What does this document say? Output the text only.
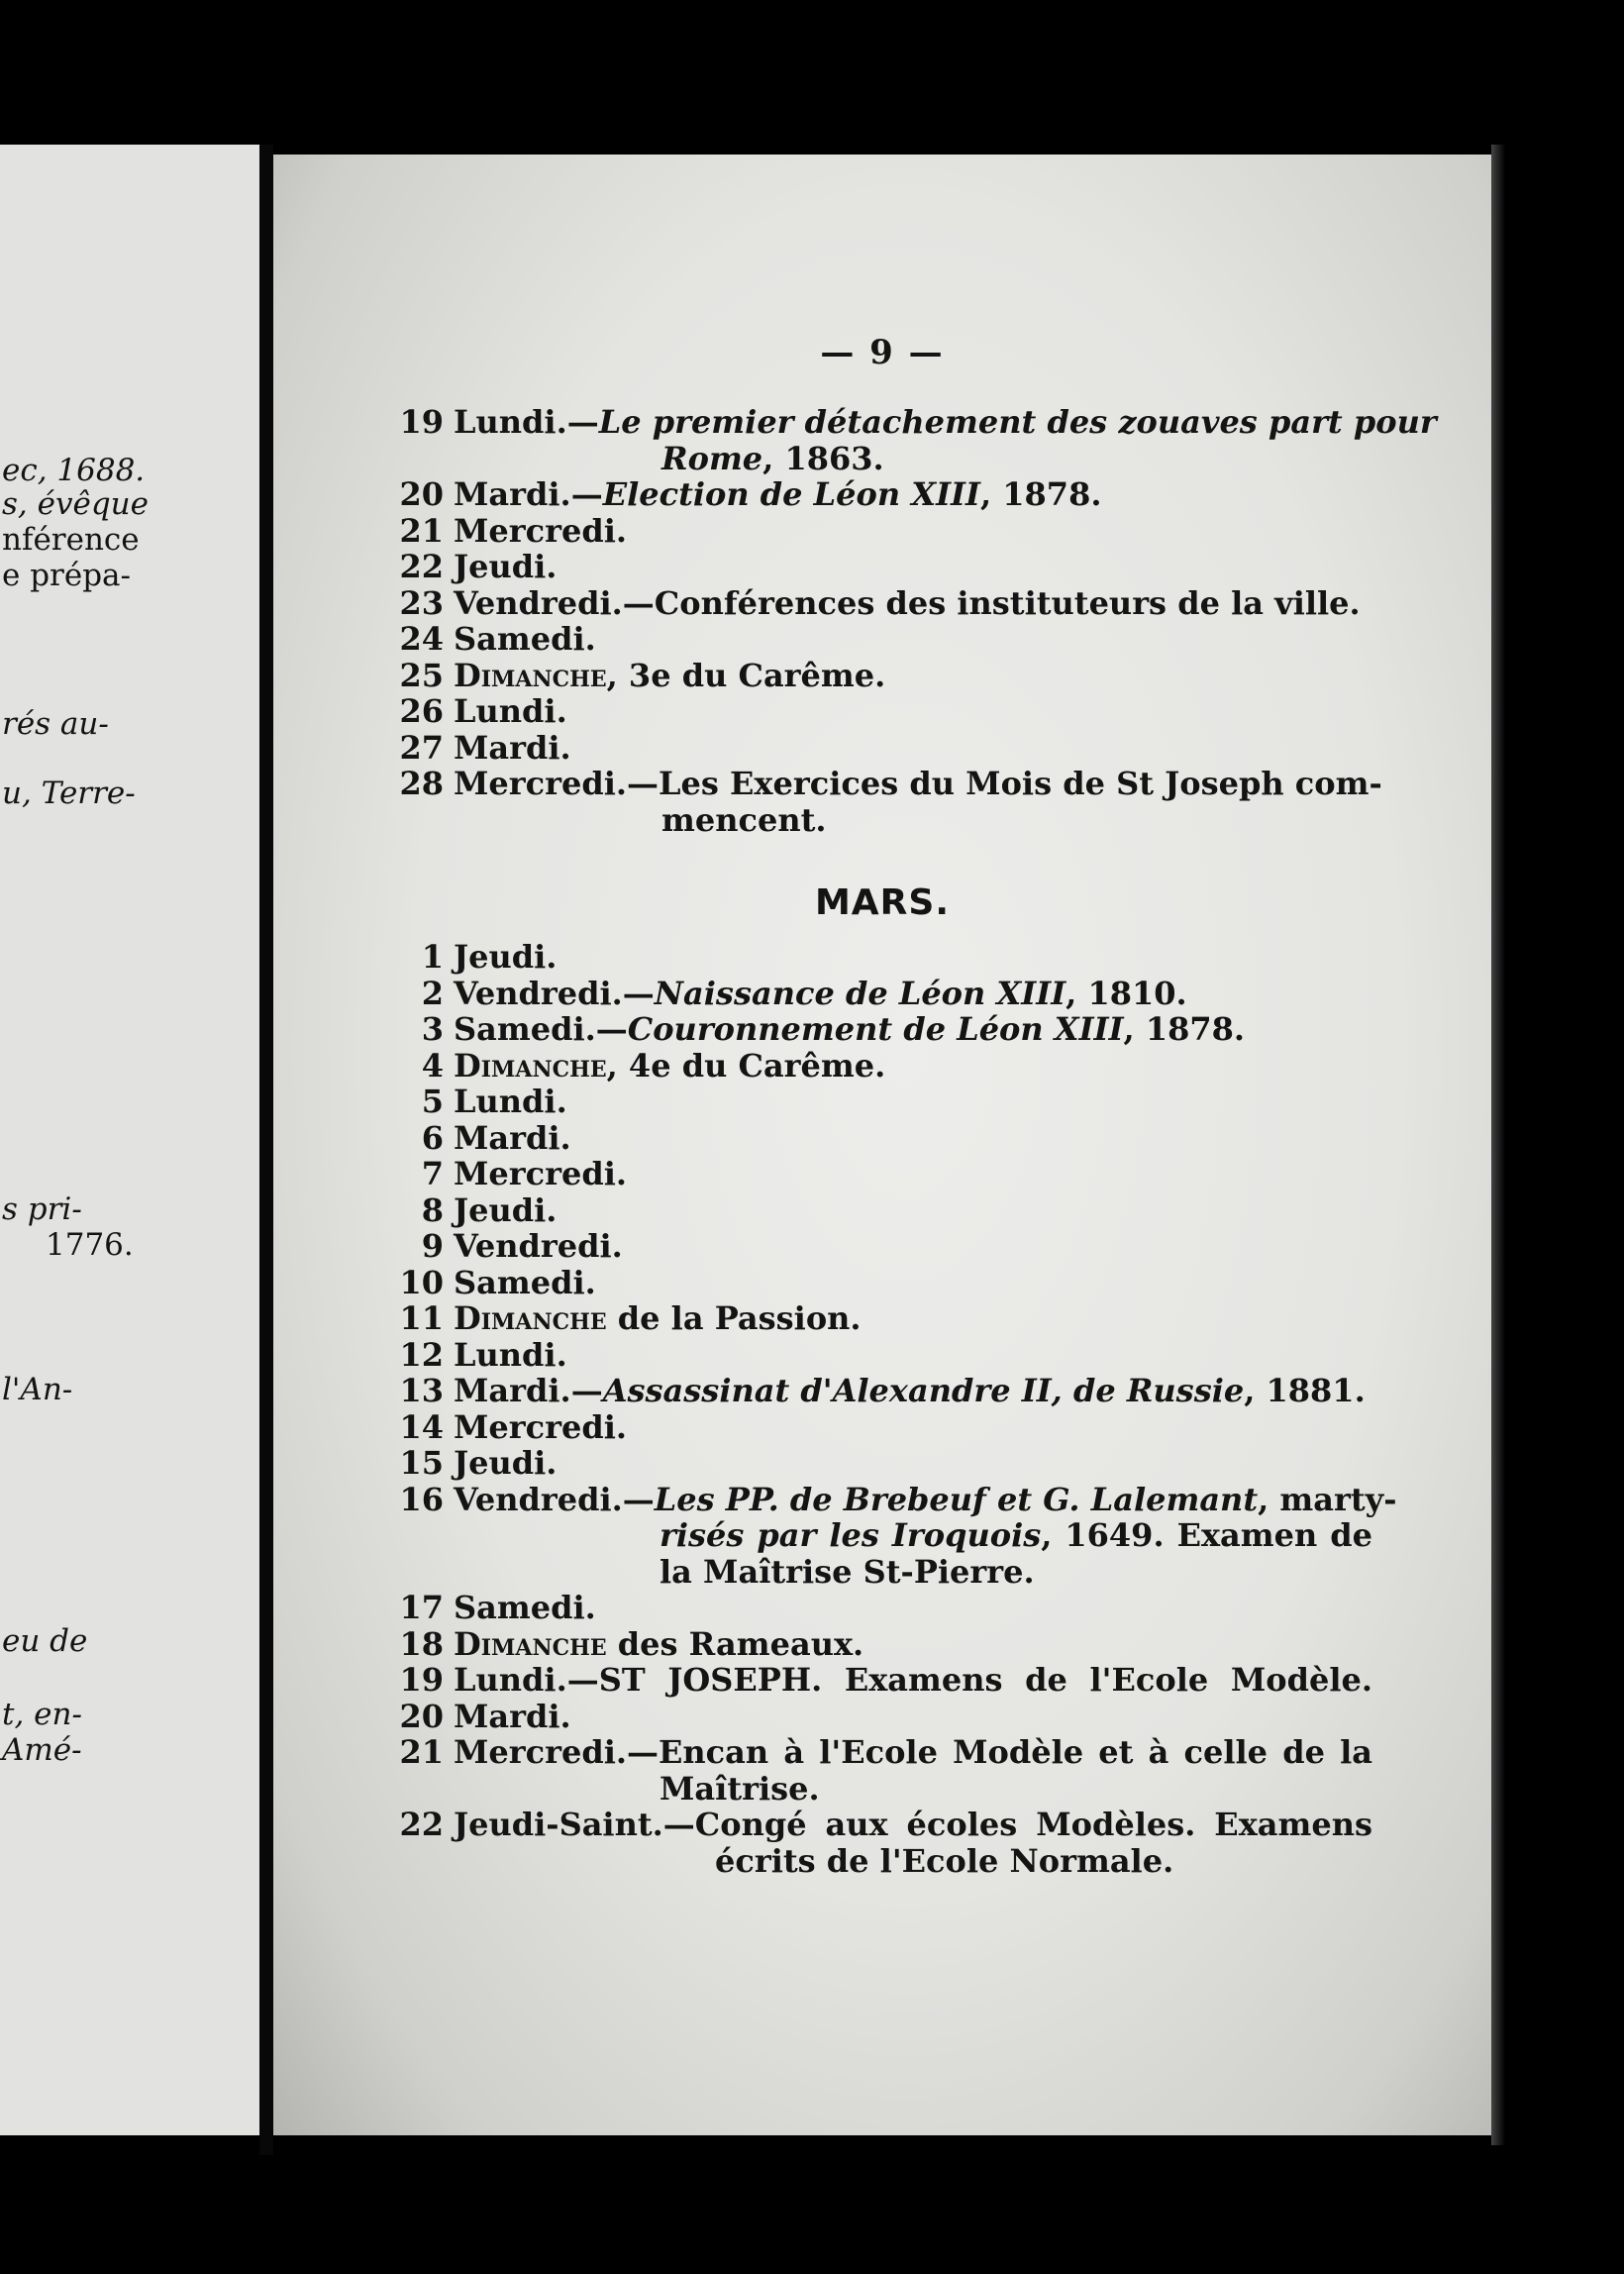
ec, 1688.
s, évêque
nférence
e prépa-
rés au-
u, Terre-
s pri-
1776.
l'An-
eu de
t, en-
Amé-
— 9 —
19 Lundi.—Le premier détachement des zouaves part pour
Rome, 1863.
20 Mardi.—Election de Léon XIII, 1878.
21 Mercredi.
22 Jeudi.
23 Vendredi.—Conférences des instituteurs de la ville.
24 Samedi.
25 Dimanche, 3e du Carême.
26 Lundi.
27 Mardi.
28 Mercredi.—Les Exercices du Mois de St Joseph com-
mencent.
MARS.
1 Jeudi.
2 Vendredi.—Naissance de Léon XIII, 1810.
3 Samedi.—Couronnement de Léon XIII, 1878.
4 Dimanche, 4e du Carême.
5 Lundi.
6 Mardi.
7 Mercredi.
8 Jeudi.
9 Vendredi.
10 Samedi.
11 Dimanche de la Passion.
12 Lundi.
13 Mardi.—Assassinat d'Alexandre II, de Russie, 1881.
14 Mercredi.
15 Jeudi.
16 Vendredi.—Les PP. de Brebeuf et G. Lalemant, marty-
risés par les Iroquois, 1649. Examen de
la Maîtrise St-Pierre.
17 Samedi.
18 Dimanche des Rameaux.
19 Lundi.—ST JOSEPH. Examens de l'Ecole Modèle.
20 Mardi.
21 Mercredi.—Encan à l'Ecole Modèle et à celle de la
Maîtrise.
22 Jeudi-Saint.—Congé aux écoles Modèles. Examens
écrits de l'Ecole Normale.
